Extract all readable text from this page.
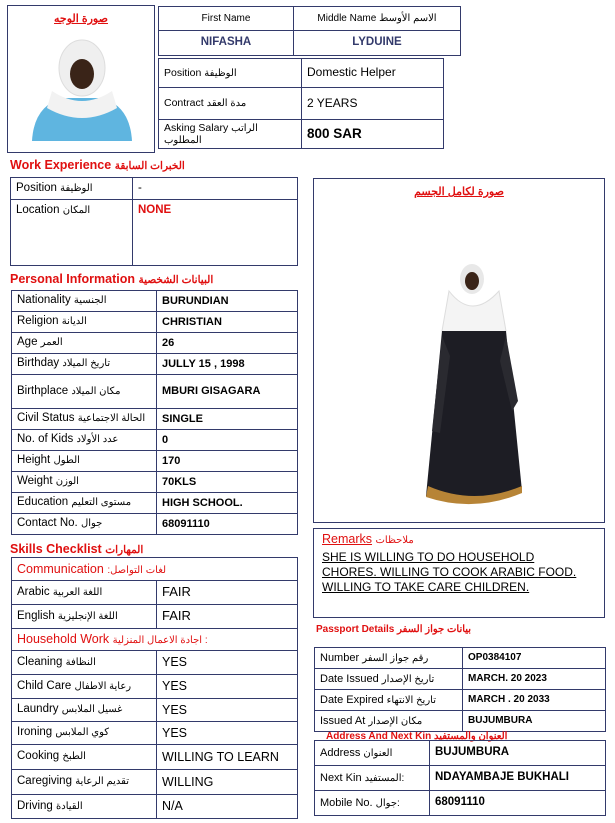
صورة الوجه	First Name	Middle Name الاسم الأوسط
NIFASHA	LYDUINE
Position الوظيفة	Domestic Helper
Contract مدة العقد	2 YEARS
Asking Salary الراتب المطلوب	800 SAR
Work Experience الخبرات السابقة
Position الوظيفة	-
Location المكان	NONE
Personal Information البيانات الشخصية
Nationality الجنسية	BURUNDIAN
Religion الديانة	CHRISTIAN
Age العمر	26
Birthday تاريخ الميلاد	JULLY 15 , 1998
Birthplace مكان الميلاد	MBURI GISAGARA
Civil Status الحالة الاجتماعية	SINGLE
No. of Kids عدد الأولاد	0
Height الطول	170
Weight الوزن	70KLS
Education مستوى التعليم	HIGH SCHOOL.
Contact No. جوال	68091110
Skills Checklist المهارات
Communication :لغات التواصل	
Arabic اللغة العربية	FAIR
English اللغة الإنجليزية	FAIR
Household Work اجادة الاعمال المنزلية :	
Cleaning النظافة	YES
Child Care رعاية الاطفال	YES
Laundry غسيل الملابس	YES
Ironing كوي الملابس	YES
Cooking الطبخ	WILLING TO LEARN
Caregiving تقديم الرعاية	WILLING
Driving القيادة	N/A
صورة لكامل الجسم
Remarks ملاحظات
SHE IS WILLING TO DO HOUSEHOLD
CHORES. WILLING TO COOK ARABIC FOOD.
WILLING TO TAKE CARE CHILDREN.
Passport Details بيانات جواز السفر
Number رقم جواز السفر	OP0384107
Date Issued تاريخ الإصدار	MARCH. 20 2023
Date Expired تاريخ الانتهاء	MARCH . 20 2033
Issued At مكان الإصدار	BUJUMBURA
Address And Next Kin العنوان والمستفيد
Address العنوان	BUJUMBURA
Next Kin المستفيد:	NDAYAMBAJE BUKHALI
Mobile No. جوال:	68091110
